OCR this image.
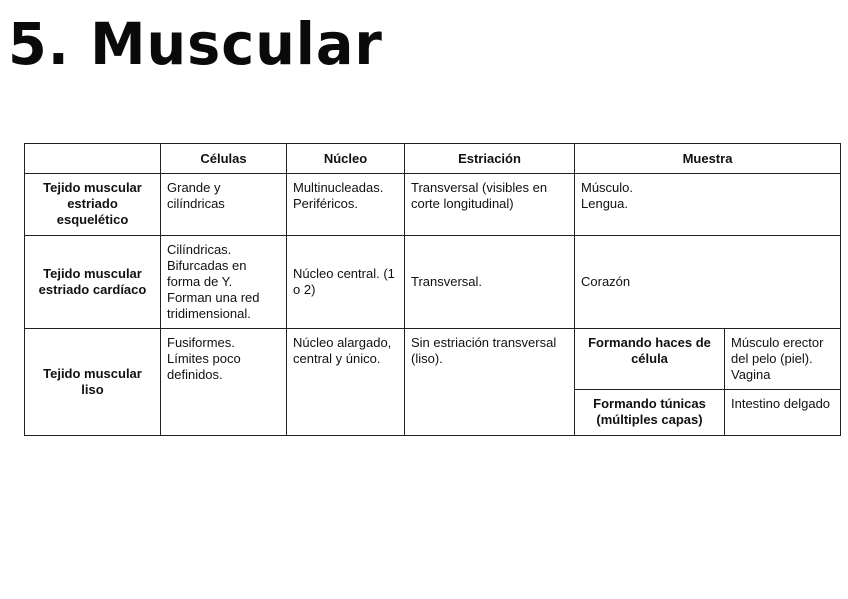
5. Muscular
	Células	Núcleo	Estriación	Muestra	
Tejido muscular estriado esquelético	Grande y cilíndricas	Multinucleadas. Periféricos.	Transversal (visibles en corte longitudinal)	Músculo.
Lengua.	

Tejido muscular estriado cardíaco	Cilíndricas.
Bifurcadas en forma de Y.
Forman una red tridimensional.	Núcleo central. (1 o 2)	Transversal.	Corazón	
Tejido muscular liso	Fusiformes.
Límites poco definidos.	Núcleo alargado, central y único.	Sin estriación transversal (liso).	Formando haces de célula	Músculo erector del pelo (piel).
Vagina

				Formando túnicas (múltiples capas)	Intestino delgado
